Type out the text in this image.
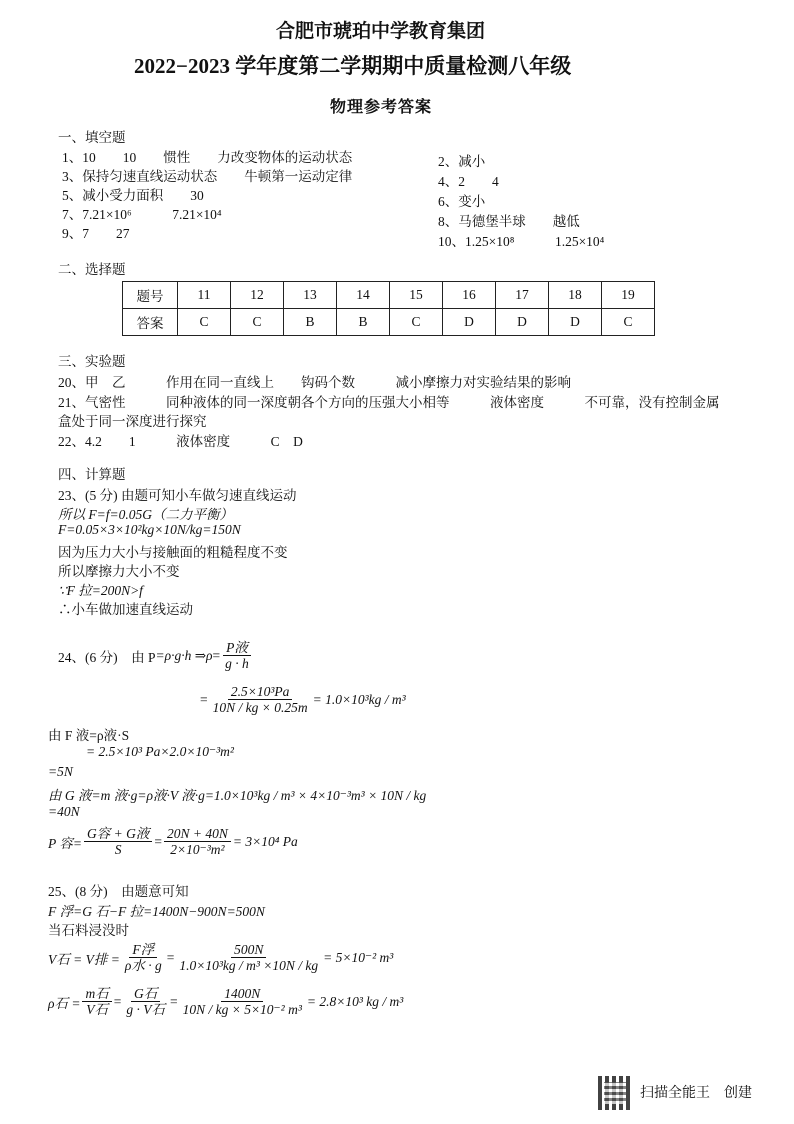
合肥市琥珀中学教育集团
2022−2023 学年度第二学期期中质量检测八年级
物理参考答案
一、填空题
1、10　　10　　惯性　　力改变物体的运动状态
3、保持匀速直线运动状态　　牛顿第一运动定律
5、减小受力面积　　30
7、7.21×10⁶　　　7.21×10⁴
9、7　　27
2、减小
4、2　　4
6、变小
8、马德堡半球　　越低
10、1.25×10⁸　　　1.25×10⁴
二、选择题
题号	11	12	13	14	15	16	17	18	19
答案	C	C	B	B	C	D	D	D	C
三、实验题
20、甲　乙　　　作用在同一直线上　　钩码个数　　　减小摩擦力对实验结果的影响
21、气密性　　　同种液体的同一深度朝各个方向的压强大小相等　　　液体密度　　　不可靠，没有控制金属
盒处于同一深度进行探究
22、4.2　　1　　　液体密度　　　C　D
四、计算题
23、(5 分) 由题可知小车做匀速直线运动
所以 F=f=0.05G（二力平衡）
F=0.05×3×10²kg×10N/kg=150N
因为压力大小与接触面的粗糙程度不变
所以摩擦力大小不变
∵F 拉=200N>f
∴小车做加速直线运动
24、(6 分)　由 P =ρ ·g·h ⇒ρ = $\frac{\text{P液}}{g \cdot h}$
= $\frac{\text{2.5×10³Pa}}{10N / kg \times 0.25m} = 1.0\times 10^3kg / m^3$
由 F 液=ρ液·S
= 2.5×10³ Pa×2.0×10⁻³m²
=5N
由 G 液=m 液·g=ρ液·V 液·g=1.0×10³kg / m³ × 4×10⁻³m³ × 10N / kg
=40N
P 容= $\frac{\text{G容 + G液}}{S} = \frac{20N + 40N}{\text{2×10⁻³m²}} = 3\times 10^4$ Pa
25、(8 分)　由题意可知
F 浮=G 石−F 拉=1400N−900N=500N
当石料浸没时
V石 = V排 = $\frac{\text{F浮}}{\text{ρ水 · g}} = \frac{500N}{\text{1.0×10³kg / m³ ×10N / kg}} = 5\times 10^{-2}$ m³
ρ石 = $\frac{\text{m石}}{\text{V石}} = \frac{\text{G石}}{\text{g · V石}} = \frac{1400N}{\text{10N / kg × 5×10⁻² m³}} = 2.8\times 10^3$ kg / m³
扫描全能王　创建
